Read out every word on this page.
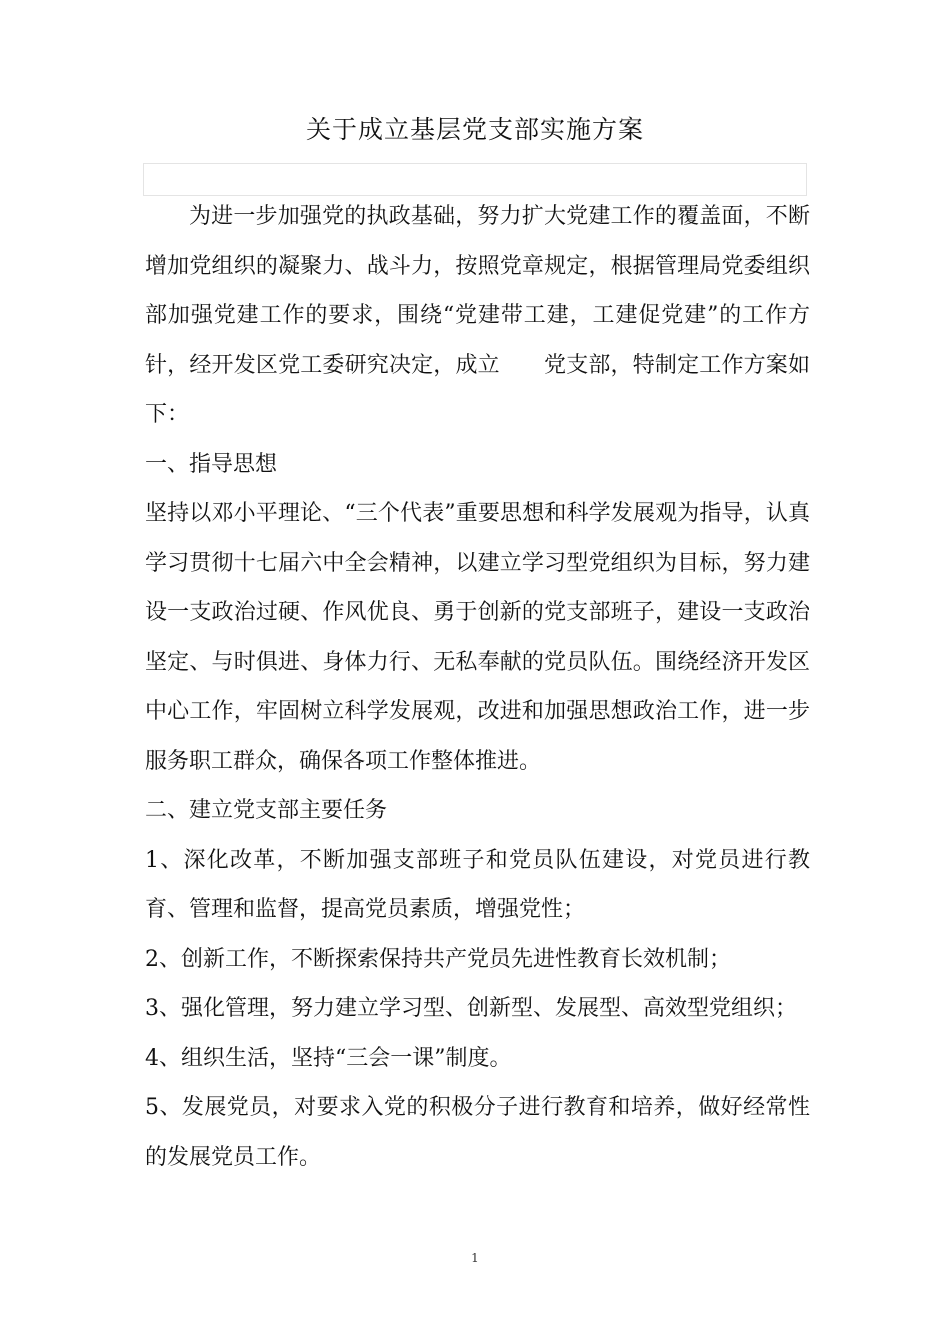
关于成立基层党支部实施方案

为进一步加强党的执政基础，努力扩大党建工作的覆盖面，不断增加党组织的凝聚力、战斗力，按照党章规定，根据管理局党委组织部加强党建工作的要求，围绕“党建带工建，工建促党建”的工作方针，经开发区党工委研究决定，成立 党支部，特制定工作方案如下：

一、指导思想

坚持以邓小平理论、“三个代表”重要思想和科学发展观为指导，认真学习贯彻十七届六中全会精神，以建立学习型党组织为目标，努力建设一支政治过硬、作风优良、勇于创新的党支部班子，建设一支政治坚定、与时俱进、身体力行、无私奉献的党员队伍。围绕经济开发区中心工作，牢固树立科学发展观，改进和加强思想政治工作，进一步服务职工群众，确保各项工作整体推进。

二、建立党支部主要任务

1、深化改革，不断加强支部班子和党员队伍建设，对党员进行教育、管理和监督，提高党员素质，增强党性；

2、创新工作，不断探索保持共产党员先进性教育长效机制；

3、强化管理，努力建立学习型、创新型、发展型、高效型党组织；

4、组织生活，坚持“三会一课”制度。

5、发展党员，对要求入党的积极分子进行教育和培养，做好经常性的发展党员工作。

1
